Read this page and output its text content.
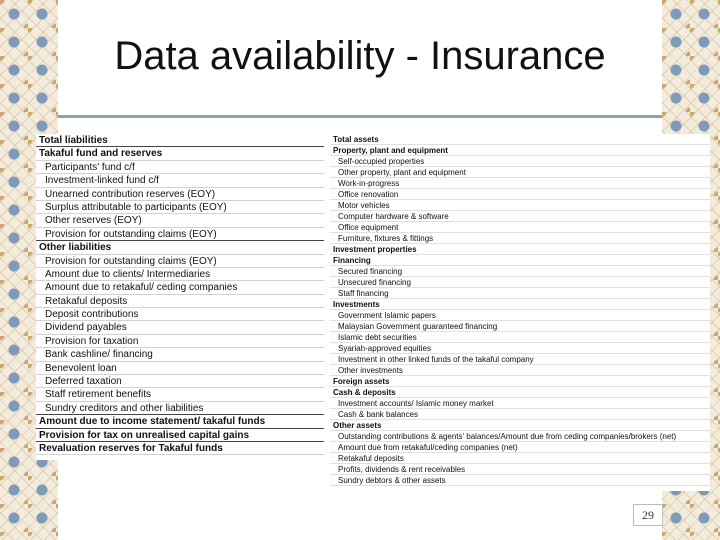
Data availability - Insurance
Total liabilities
Takaful fund and reserves
Participants' fund c/f
Investment-linked fund c/f
Unearned contribution reserves (EOY)
Surplus attributable to participants (EOY)
Other reserves (EOY)
Provision for outstanding claims (EOY)
Other liabilities
Provision for outstanding claims (EOY)
Amount due to clients/ Intermediaries
Amount due to retakaful/ ceding companies
Retakaful deposits
Deposit contributions
Dividend payables
Provision for taxation
Bank cashline/ financing
Benevolent loan
Deferred taxation
Staff retirement benefits
Sundry creditors and other liabilities
Amount due to income statement/ takaful funds
Provision for tax on unrealised capital gains
Revaluation reserves for Takaful funds
Total assets
Property, plant and equipment
Self-occupied properties
Other property, plant and equipment
Work-in-progress
Office renovation
Motor vehicles
Computer hardware & software
Office equipment
Furniture, fixtures & fittings
Investment properties
Financing
Secured financing
Unsecured financing
Staff financing
Investments
Government Islamic papers
Malaysian Government guaranteed financing
Islamic debt securities
Syariah-approved equities
Investment in other linked funds of the takaful company
Other investments
Foreign assets
Cash & deposits
Investment accounts/ Islamic money market
Cash & bank balances
Other assets
Outstanding contributions & agents' balances/Amount due from ceding companies/brokers (net)
Amount due from retakaful/ceding companies (net)
Retakaful deposits
Profits, dividends & rent receivables
Sundry debtors & other assets
29
